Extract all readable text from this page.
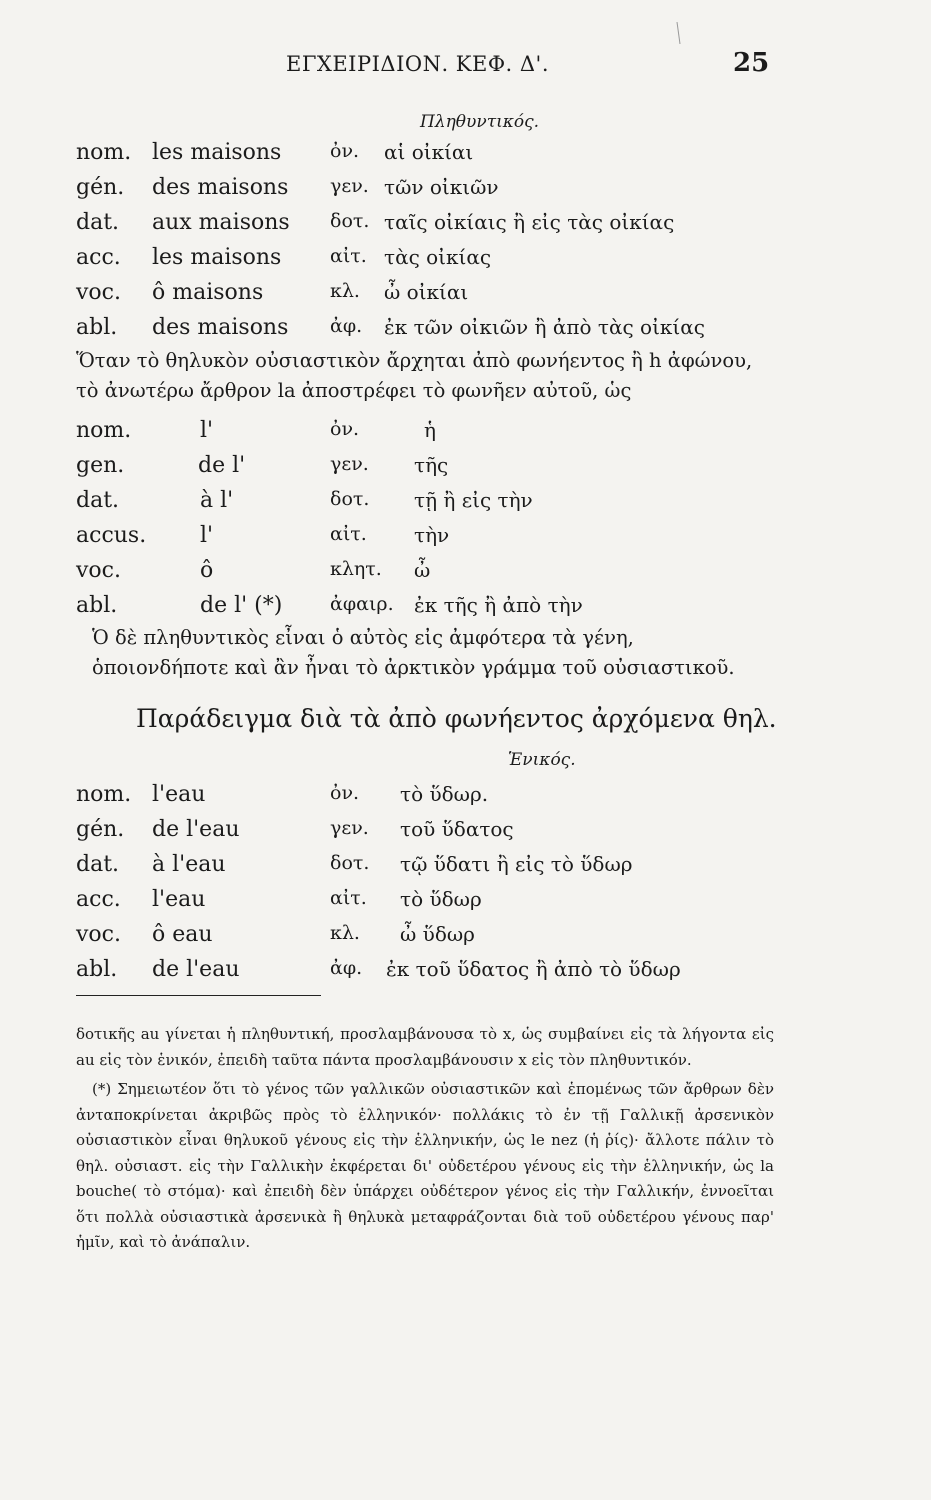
ΕΓΧΕΙΡΙΔΙΟΝ. ΚΕΦ. Δ'.	25
Πληθυντικός.
nom. les maisons	ὀν. αἱ οἰκίαι
gén. des maisons γεν. τῶν οἰκιῶν
dat. aux maisons δοτ. ταῖς οἰκίαις ἢ εἰς τὰς οἰκίας
acc. les maisons	αἰτ. τὰς οἰκίας
voc. ô maisons	κλ. ὦ οἰκίαι
abl. des maisons ἀφ. ἐκ τῶν οἰκιῶν ἢ ἀπὸ τὰς οἰκίας
Ὅταν τὸ θηλυκὸν οὐσιαστικὸν ἄρχηται ἀπὸ φωνήεντος ἢ h ἀφώνου, τὸ ἀνωτέρω ἄρθρον la ἀποστρέφει τὸ φωνῆεν αὐτοῦ, ὡς
nom.	l'	ὀν.	ἡ
gen.	de l'	γεν. τῆς
dat.	à l'	δοτ. τῇ ἢ εἰς τὴν
accus. l'	αἰτ. τὴν
voc.	ô	κλητ. ὦ
abl.	de l' (*)	ἀφαιρ. ἐκ τῆς ἢ ἀπὸ τὴν
Ὁ δὲ πληθυντικὸς εἶναι ὁ αὐτὸς εἰς ἀμφότερα τὰ γένη, ὁποιονδήποτε καὶ ἂν ἦναι τὸ ἀρκτικὸν γράμμα τοῦ οὐσιαστικοῦ.
Παράδειγμα διὰ τὰ ἀπὸ φωνήεντος ἀρχόμενα θηλ.
Ἑνικός.
nom. l'eau	ὀν. τὸ ὕδωρ.
gén. de l'eau	γεν. τοῦ ὕδατος
dat. à l'eau	δοτ. τῷ ὕδατι ἢ εἰς τὸ ὕδωρ
acc. l'eau	αἰτ. τὸ ὕδωρ
voc. ô eau	κλ. ὦ ὕδωρ
abl. de l'eau	ἀφ. ἐκ τοῦ ὕδατος ἢ ἀπὸ τὸ ὕδωρ

δοτικῆς au γίνεται ἡ πληθυντική, προσλαμβάνουσα τὸ x, ὡς συμβαίνει εἰς τὰ λήγοντα εἰς au εἰς τὸν ἑνικόν, ἐπειδὴ ταῦτα πάντα προσλαμβάνουσιν x εἰς τὸν πληθυντικόν.

(*) Σημειωτέον ὅτι τὸ γένος τῶν γαλλικῶν οὐσιαστικῶν καὶ ἑπομένως τῶν ἄρθρων δὲν ἀνταποκρίνεται ἀκριβῶς πρὸς τὸ ἑλληνικόν· πολλάκις τὸ ἐν τῇ Γαλλικῇ ἀρσενικὸν οὐσιαστικὸν εἶναι θηλυκοῦ γένους εἰς τὴν ἑλληνικήν, ὡς le nez (ἡ ῥίς)· ἄλλοτε πάλιν τὸ θηλ. οὐσιαστ. εἰς τὴν Γαλλικὴν ἐκφέρεται δι' οὐδετέρου γένους εἰς τὴν ἑλληνικήν, ὡς la bouche( τὸ στόμα)· καὶ ἐπειδὴ δὲν ὑπάρχει οὐδέτερον γένος εἰς τὴν Γαλλικήν, ἐννοεῖται ὅτι πολλὰ οὐσιαστικὰ ἀρσενικὰ ἢ θηλυκὰ μεταφράζονται διὰ τοῦ οὐδετέρου γένους παρ' ἡμῖν, καὶ τὸ ἀνάπαλιν.
